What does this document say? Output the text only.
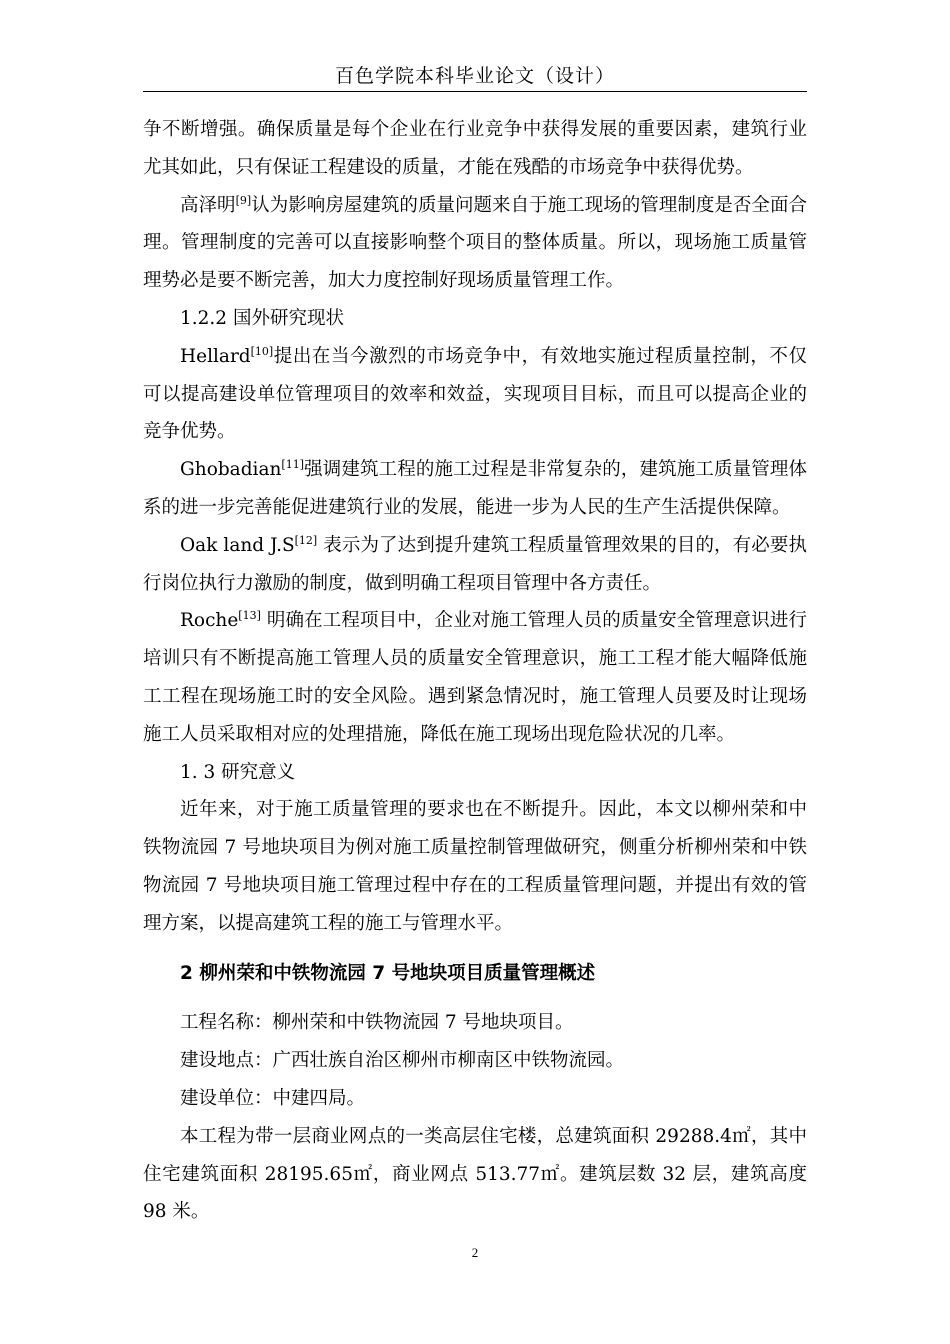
百色学院本科毕业论文（设计）

争不断增强。确保质量是每个企业在行业竞争中获得发展的重要因素，建筑行业尤其如此，只有保证工程建设的质量，才能在残酷的市场竞争中获得优势。

高泽明[9]认为影响房屋建筑的质量问题来自于施工现场的管理制度是否全面合理。管理制度的完善可以直接影响整个项目的整体质量。所以，现场施工质量管理势必是要不断完善，加大力度控制好现场质量管理工作。

1.2.2 国外研究现状

Hellard[10]提出在当今激烈的市场竞争中，有效地实施过程质量控制，不仅可以提高建设单位管理项目的效率和效益，实现项目目标，而且可以提高企业的竞争优势。

Ghobadian[11]强调建筑工程的施工过程是非常复杂的，建筑施工质量管理体系的进一步完善能促进建筑行业的发展，能进一步为人民的生产生活提供保障。

Oak land J.S[12] 表示为了达到提升建筑工程质量管理效果的目的，有必要执行岗位执行力激励的制度，做到明确工程项目管理中各方责任。

Roche[13] 明确在工程项目中，企业对施工管理人员的质量安全管理意识进行培训只有不断提高施工管理人员的质量安全管理意识，施工工程才能大幅降低施工工程在现场施工时的安全风险。遇到紧急情况时，施工管理人员要及时让现场施工人员采取相对应的处理措施，降低在施工现场出现危险状况的几率。

1. 3 研究意义

近年来，对于施工质量管理的要求也在不断提升。因此，本文以柳州荣和中铁物流园 7 号地块项目为例对施工质量控制管理做研究，侧重分析柳州荣和中铁物流园 7 号地块项目施工管理过程中存在的工程质量管理问题，并提出有效的管理方案，以提高建筑工程的施工与管理水平。

2 柳州荣和中铁物流园 7 号地块项目质量管理概述

工程名称：柳州荣和中铁物流园 7 号地块项目。

建设地点：广西壮族自治区柳州市柳南区中铁物流园。

建设单位：中建四局。

本工程为带一层商业网点的一类高层住宅楼，总建筑面积 29288.4㎡，其中住宅建筑面积 28195.65㎡，商业网点 513.77㎡。建筑层数 32 层，建筑高度 98 米。

2
